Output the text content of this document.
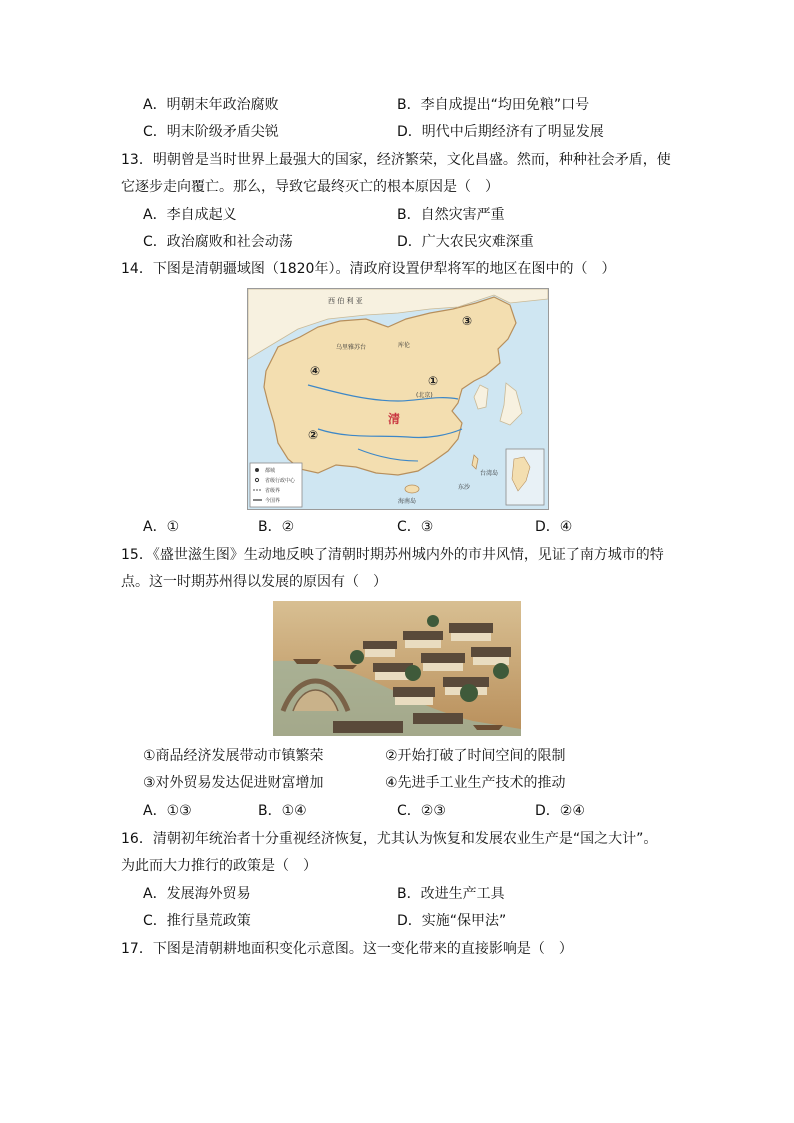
A．明朝末年政治腐败	B．李自成提出“均田免粮”口号
C．明末阶级矛盾尖锐	D．明代中后期经济有了明显发展
13．明朝曾是当时世界上最强大的国家，经济繁荣，文化昌盛。然而，种种社会矛盾，使
它逐步走向覆亡。那么，导致它最终灭亡的根本原因是（　）
A．李自成起义	B．自然灾害严重
C．政治腐败和社会动荡	D．广大农民灾难深重
14．下图是清朝疆域图（1820年）。清政府设置伊犁将军的地区在图中的（　）
都城
省级行政中心
省级界
今国界
西 伯 利 亚
乌里雅苏台	库伦
(北京)
清
台湾岛
海南岛
东沙
①
②
③
④
A．①	B．②	C．③	D．④
15．《盛世滋生图》生动地反映了清朝时期苏州城内外的市井风情，见证了南方城市的特
点。这一时期苏州得以发展的原因有（　）
①商品经济发展带动市镇繁荣	②开始打破了时间空间的限制
③对外贸易发达促进财富增加	④先进手工业生产技术的推动
A．①③	B．①④	C．②③	D．②④
16．清朝初年统治者十分重视经济恢复，尤其认为恢复和发展农业生产是“国之大计”。
为此而大力推行的政策是（　）
A．发展海外贸易	B．改进生产工具
C．推行垦荒政策	D．实施“保甲法”
17．下图是清朝耕地面积变化示意图。这一变化带来的直接影响是（　）
